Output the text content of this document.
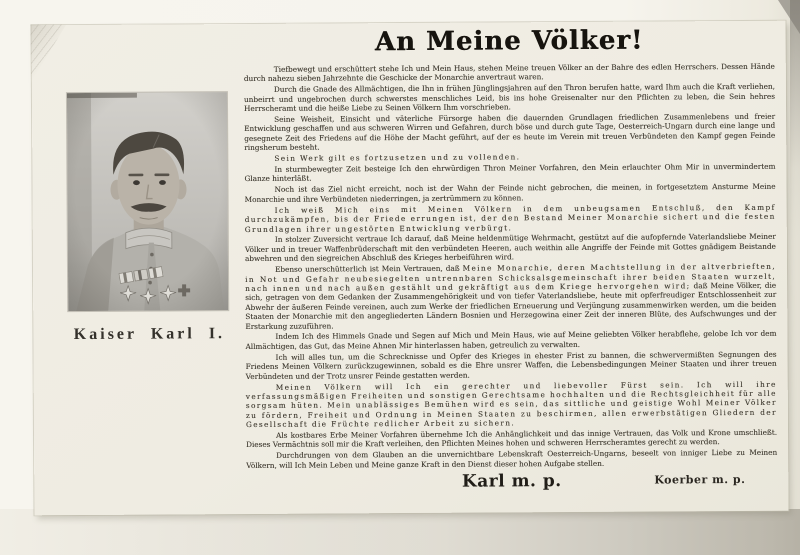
Kaiser Karl I.
An Meine Völker!

Tiefbewegt und erschüttert stehe Ich und Mein Haus, stehen Meine treuen Völker an der Bahre des edlen Herrschers. Dessen Hände durch nahezu sieben Jahrzehnte die Geschicke der Monarchie anvertraut waren.

Durch die Gnade des Allmächtigen, die Ihn in frühen Jünglingsjahren auf den Thron berufen hatte, ward Ihm auch die Kraft verliehen, unbeirrt und ungebrochen durch schwerstes menschliches Leid, bis ins hohe Greisenalter nur den Pflichten zu leben, die Sein hehres Herrscheramt und die heiße Liebe zu Seinen Völkern Ihm vorschrieben.

Seine Weisheit, Einsicht und väterliche Fürsorge haben die dauernden Grundlagen friedlichen Zusammenlebens und freier Entwicklung geschaffen und aus schweren Wirren und Gefahren, durch böse und durch gute Tage, Oesterreich-Ungarn durch eine lange und gesegnete Zeit des Friedens auf die Höhe der Macht geführt, auf der es heute im Verein mit treuen Verbündeten den Kampf gegen Feinde ringsherum besteht.

Sein Werk gilt es fortzusetzen und zu vollenden.

In sturmbewegter Zeit besteige Ich den ehrwürdigen Thron Meiner Vorfahren, den Mein erlauchter Ohm Mir in unvermindertem Glanze hinterläßt.

Noch ist das Ziel nicht erreicht, noch ist der Wahn der Feinde nicht gebrochen, die meinen, in fortgesetztem Ansturme Meine Monarchie und ihre Verbündeten niederringen, ja zertrümmern zu können.

Ich weiß Mich eins mit Meinen Völkern in dem unbeugsamen Entschluß, den Kampf durchzukämpfen, bis der Friede errungen ist, der den Bestand Meiner Monarchie sichert und die festen Grundlagen ihrer ungestörten Entwicklung verbürgt.

In stolzer Zuversicht vertraue Ich darauf, daß Meine heldenmütige Wehrmacht, gestützt auf die aufopfernde Vaterlandsliebe Meiner Völker und in treuer Waffenbrüderschaft mit den verbündeten Heeren, auch weithin alle Angriffe der Feinde mit Gottes gnädigem Beistande abwehren und den siegreichen Abschluß des Krieges herbeiführen wird.

Ebenso unerschütterlich ist Mein Vertrauen, daß Meine Monarchie, deren Machtstellung in der altverbrieften, in Not und Gefahr neubesiegelten untrennbaren Schicksalsgemeinschaft ihrer beiden Staaten wurzelt, nach innen und nach außen gestählt und gekräftigt aus dem Kriege hervorgehen wird; daß Meine Völker, die sich, getragen von dem Gedanken der Zusammengehörigkeit und von tiefer Vaterlandsliebe, heute mit opferfreudiger Entschlossenheit zur Abwehr der äußeren Feinde vereinen, auch zum Werke der friedlichen Erneuerung und Verjüngung zusammenwirken werden, um die beiden Staaten der Monarchie mit den angegliederten Ländern Bosnien und Herzegowina einer Zeit der inneren Blüte, des Aufschwunges und der Erstarkung zuzuführen.

Indem Ich des Himmels Gnade und Segen auf Mich und Mein Haus, wie auf Meine geliebten Völker herabflehe, gelobe Ich vor dem Allmächtigen, das Gut, das Meine Ahnen Mir hinterlassen haben, getreulich zu verwalten.

Ich will alles tun, um die Schrecknisse und Opfer des Krieges in ehester Frist zu bannen, die schwervermißten Segnungen des Friedens Meinen Völkern zurückzugewinnen, sobald es die Ehre unsrer Waffen, die Lebensbedingungen Meiner Staaten und ihrer treuen Verbündeten und der Trotz unsrer Feinde gestatten werden.

Meinen Völkern will Ich ein gerechter und liebevoller Fürst sein. Ich will ihre verfassungsmäßigen Freiheiten und sonstigen Gerechtsame hochhalten und die Rechtsgleichheit für alle sorgsam hüten. Mein unablässiges Bemühen wird es sein, das sittliche und geistige Wohl Meiner Völker zu fördern, Freiheit und Ordnung in Meinen Staaten zu beschirmen, allen erwerbstätigen Gliedern der Gesellschaft die Früchte redlicher Arbeit zu sichern.

Als kostbares Erbe Meiner Vorfahren übernehme Ich die Anhänglichkeit und das innige Vertrauen, das Volk und Krone umschließt. Dieses Vermächtnis soll mir die Kraft verleihen, den Pflichten Meines hohen und schweren Herrscheramtes gerecht zu werden.

Durchdrungen von dem Glauben an die unvernichtbare Lebenskraft Oesterreich-Ungarns, beseelt von inniger Liebe zu Meinen Völkern, will Ich Mein Leben und Meine ganze Kraft in den Dienst dieser hohen Aufgabe stellen.

Karl m. p.	Koerber m. p.
